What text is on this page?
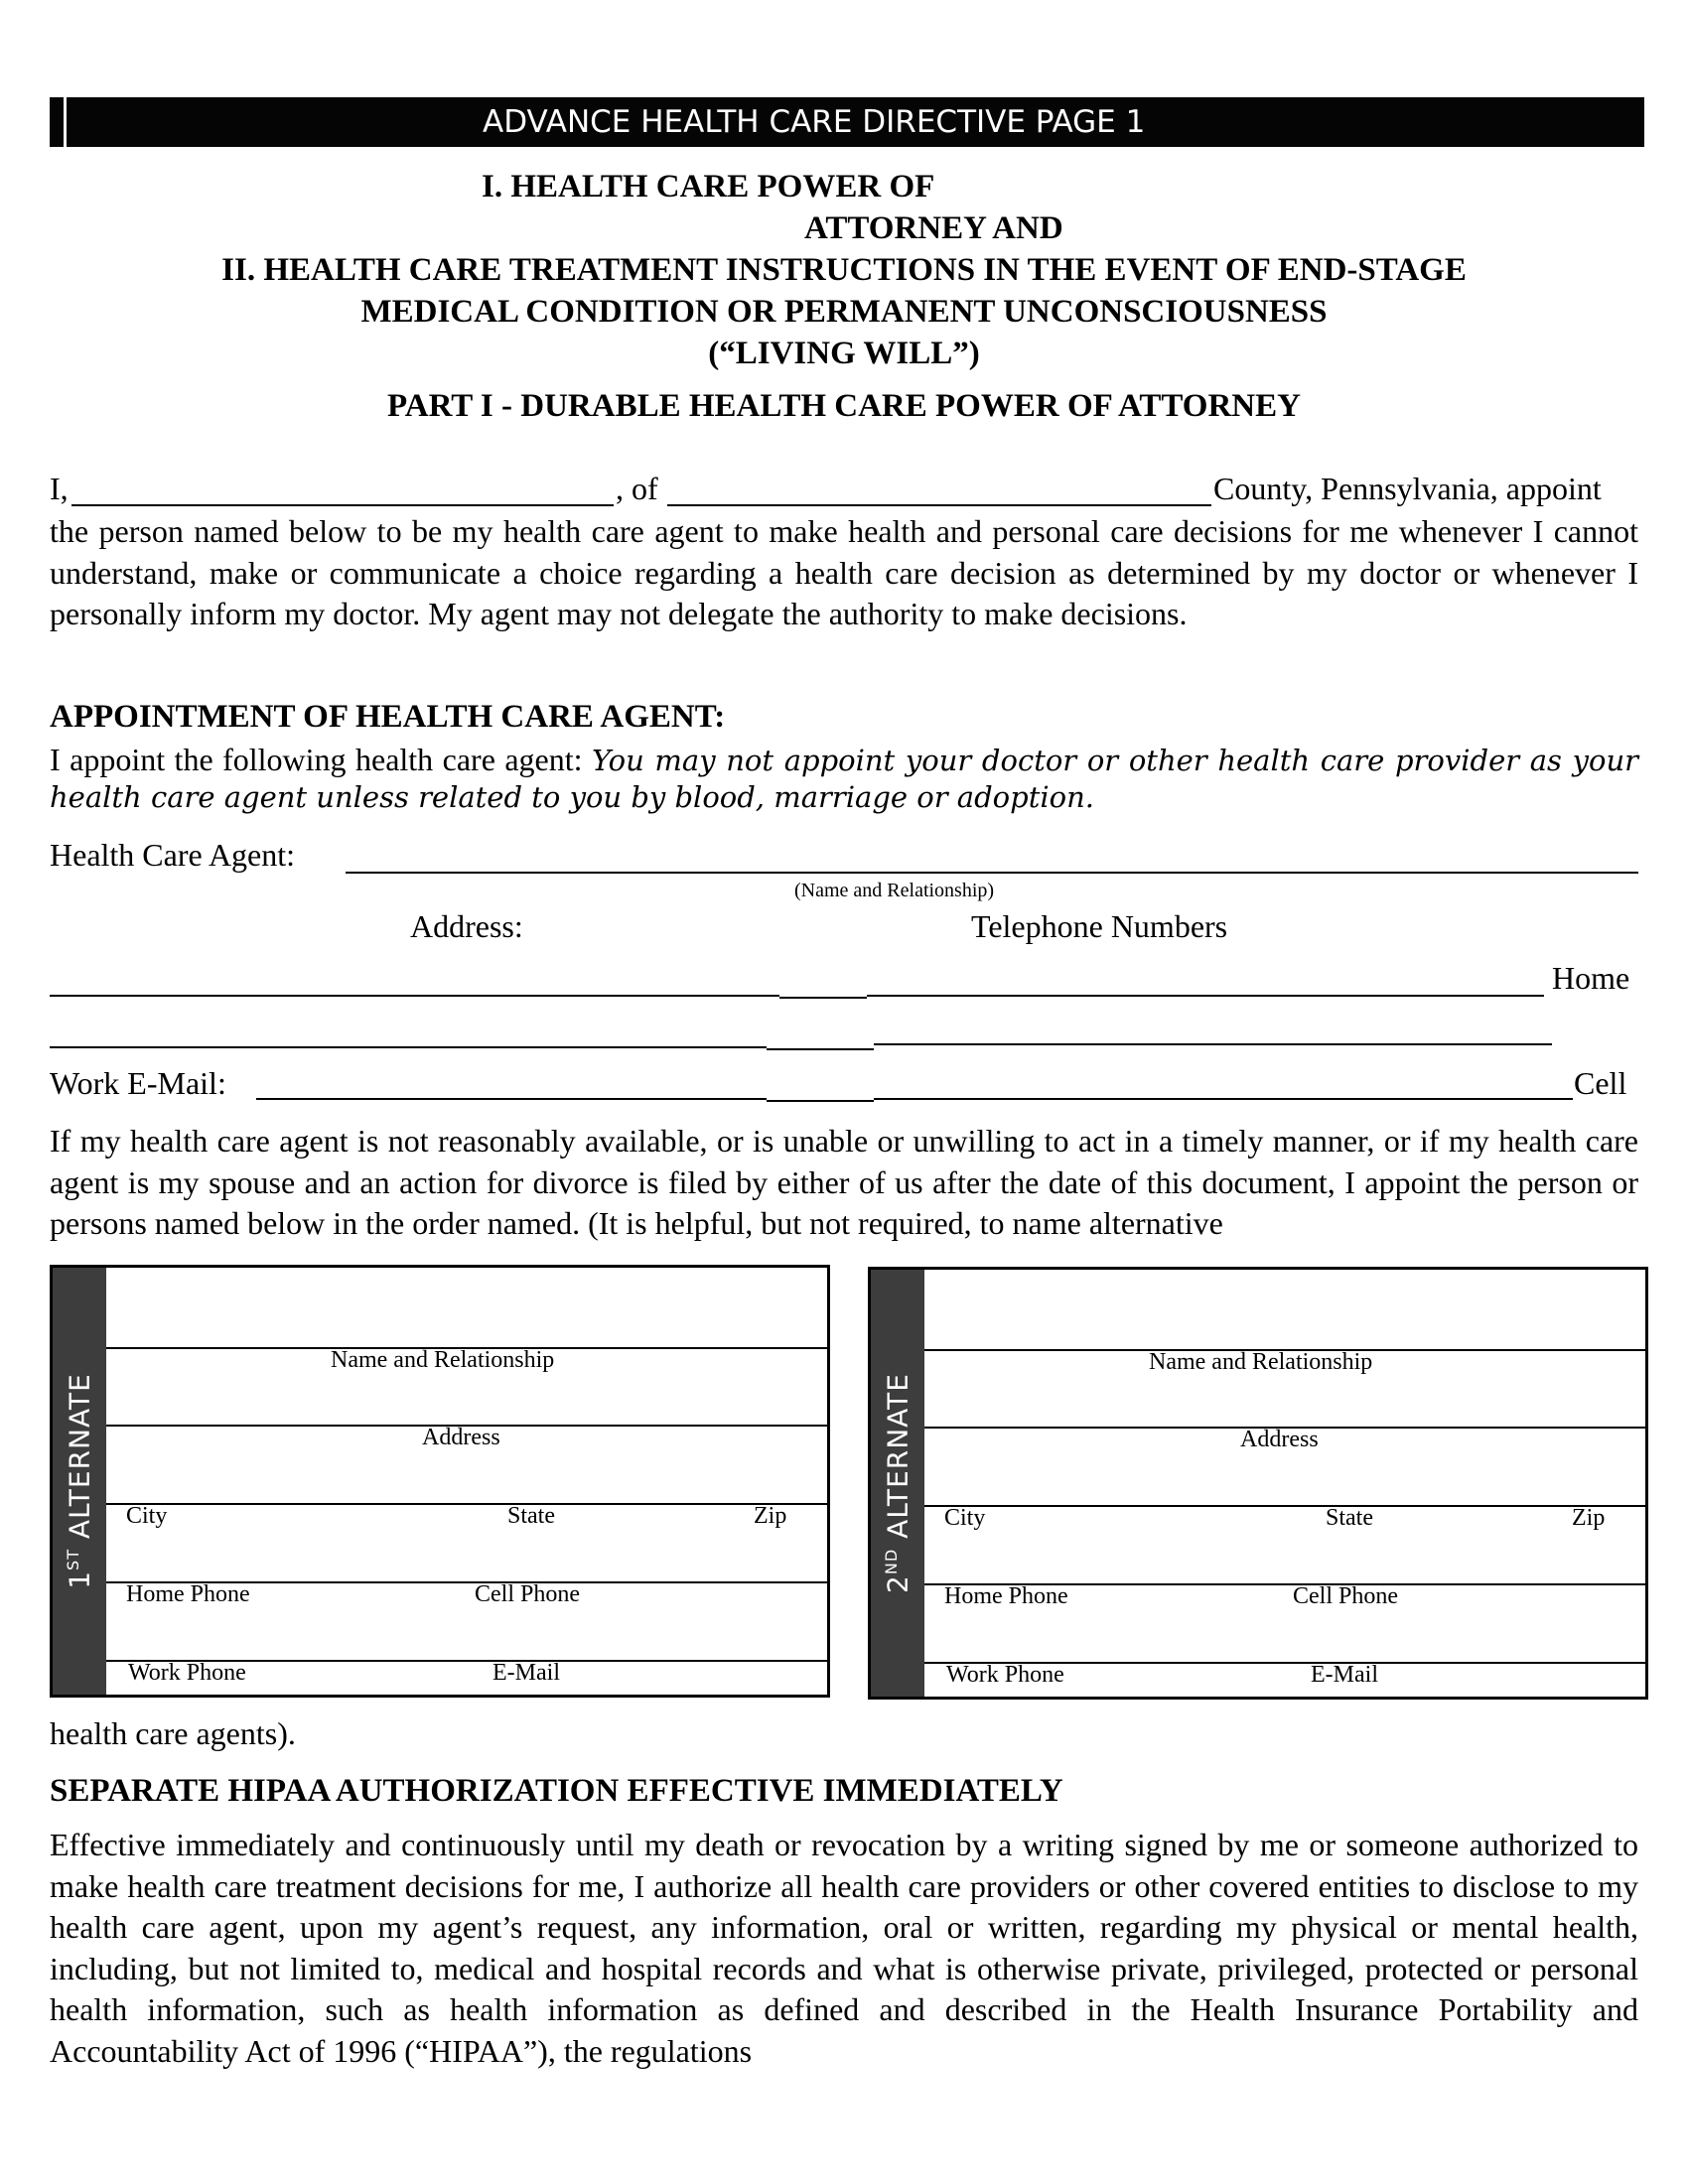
ADVANCE HEALTH CARE DIRECTIVE PAGE 1
I. HEALTH CARE POWER OF
ATTORNEY AND
II. HEALTH CARE TREATMENT INSTRUCTIONS IN THE EVENT OF END-STAGE
MEDICAL CONDITION OR PERMANENT UNCONSCIOUSNESS
(“LIVING WILL”)
PART I - DURABLE HEALTH CARE POWER OF ATTORNEY
I,	, of	County, Pennsylvania, appoint
the person named below to be my health care agent to make health and personal care decisions for me whenever I cannot understand, make or communicate a choice regarding a health care decision as determined by my doctor or whenever I personally inform my doctor. My agent may not delegate the authority to make decisions.
APPOINTMENT OF HEALTH CARE AGENT:
I appoint the following health care agent: You may not appoint your doctor or other health care provider as your health care agent unless related to you by blood, marriage or adoption.
Health Care Agent:
(Name and Relationship)
Address:	Telephone Numbers
Home
Work E-Mail:	Cell
If my health care agent is not reasonably available, or is unable or unwilling to act in a timely manner, or if my health care agent is my spouse and an action for divorce is filed by either of us after the date of this document, I appoint the person or persons named below in the order named. (It is helpful, but not required, to name alternative
1ST ALTERNATE
Name and Relationship
Address
City	State	Zip
Home Phone	Cell Phone
Work Phone	E-Mail
2ND ALTERNATE
Name and Relationship
Address
City	State	Zip
Home Phone	Cell Phone
Work Phone	E-Mail
health care agents).
SEPARATE HIPAA AUTHORIZATION EFFECTIVE IMMEDIATELY
Effective immediately and continuously until my death or revocation by a writing signed by me or someone authorized to make health care treatment decisions for me, I authorize all health care providers or other covered entities to disclose to my health care agent, upon my agent’s request, any information, oral or written, regarding my physical or mental health, including, but not limited to, medical and hospital records and what is otherwise private, privileged, protected or personal health information, such as health information as defined and described in the Health Insurance Portability and Accountability Act of 1996 (“HIPAA”), the regulations
